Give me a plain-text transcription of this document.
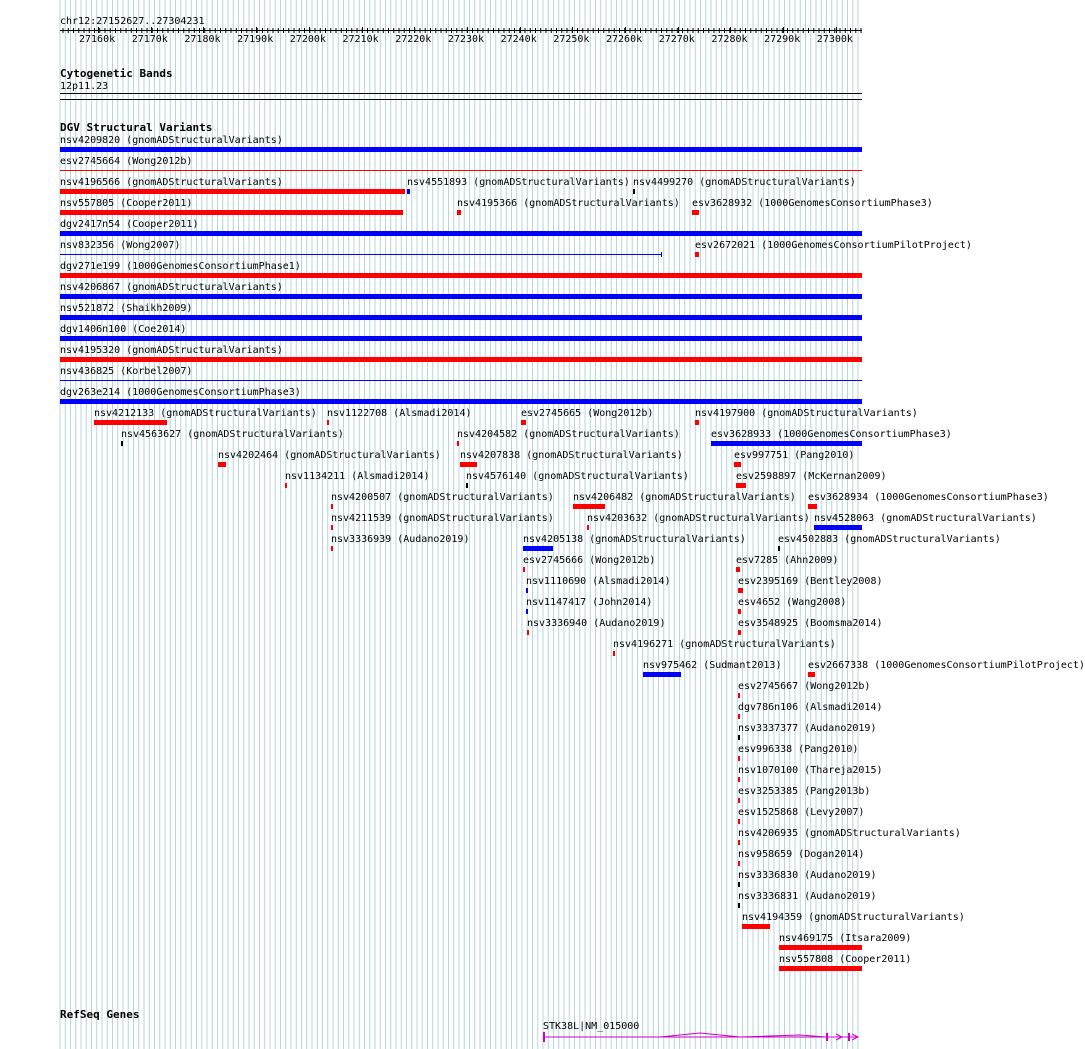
chr12:27152627..27304231
27160k 27170k 27180k 27190k 27200k 27210k 27220k 27230k 27240k 27250k 27260k 27270k 27280k 27290k 27300k
Cytogenetic Bands
12p11.23
DGV Structural Variants
nsv4209820 (gnomADStructuralVariants)
esv2745664 (Wong2012b)
nsv4196566 (gnomADStructuralVariants)	nsv4551893 (gnomADStructuralVariants) nsv4499270 (gnomADStructuralVariants)
nsv557805 (Cooper2011)	nsv4195366 (gnomADStructuralVariants) esv3628932 (1000GenomesConsortiumPhase3)
dgv2417n54 (Cooper2011)
nsv832356 (Wong2007)	esv2672021 (1000GenomesConsortiumPilotProject)
dgv271e199 (1000GenomesConsortiumPhase1)
nsv4206867 (gnomADStructuralVariants)
nsv521872 (Shaikh2009)
dgv1406n100 (Coe2014)
nsv4195320 (gnomADStructuralVariants)
nsv436825 (Korbel2007)
dgv263e214 (1000GenomesConsortiumPhase3)
nsv4212133 (gnomADStructuralVariants) nsv1122708 (Alsmadi2014)	esv2745665 (Wong2012b)	nsv4197900 (gnomADStructuralVariants)
nsv4563627 (gnomADStructuralVariants)	nsv4204582 (gnomADStructuralVariants)	esv3628933 (1000GenomesConsortiumPhase3)
nsv4202464 (gnomADStructuralVariants) nsv4207838 (gnomADStructuralVariants)	esv997751 (Pang2010)
nsv1134211 (Alsmadi2014)	nsv4576140 (gnomADStructuralVariants)	esv2598897 (McKernan2009)
nsv4200507 (gnomADStructuralVariants) nsv4206482 (gnomADStructuralVariants) esv3628934 (1000GenomesConsortiumPhase3)
nsv4211539 (gnomADStructuralVariants)	nsv4203632 (gnomADStructuralVariants) nsv4528063 (gnomADStructuralVariants)
nsv3336939 (Audano2019)	nsv4205138 (gnomADStructuralVariants)	esv4502883 (gnomADStructuralVariants)
esv2745666 (Wong2012b)	esv7285 (Ahn2009)
nsv1110690 (Alsmadi2014)	esv2395169 (Bentley2008)
nsv1147417 (John2014)	esv4652 (Wang2008)
nsv3336940 (Audano2019)	esv3548925 (Boomsma2014)
nsv4196271 (gnomADStructuralVariants)
nsv975462 (Sudmant2013)	esv2667338 (1000GenomesConsortiumPilotProject)
esv2745667 (Wong2012b)
dgv786n106 (Alsmadi2014)
nsv3337377 (Audano2019)
esv996338 (Pang2010)
nsv1070100 (Thareja2015)
esv3253385 (Pang2013b)
esv1525868 (Levy2007)
nsv4206935 (gnomADStructuralVariants)
nsv958659 (Dogan2014)
nsv3336830 (Audano2019)
nsv3336831 (Audano2019)
nsv4194359 (gnomADStructuralVariants)
nsv469175 (Itsara2009)
nsv557808 (Cooper2011)
RefSeq Genes
STK38L|NM_015000
